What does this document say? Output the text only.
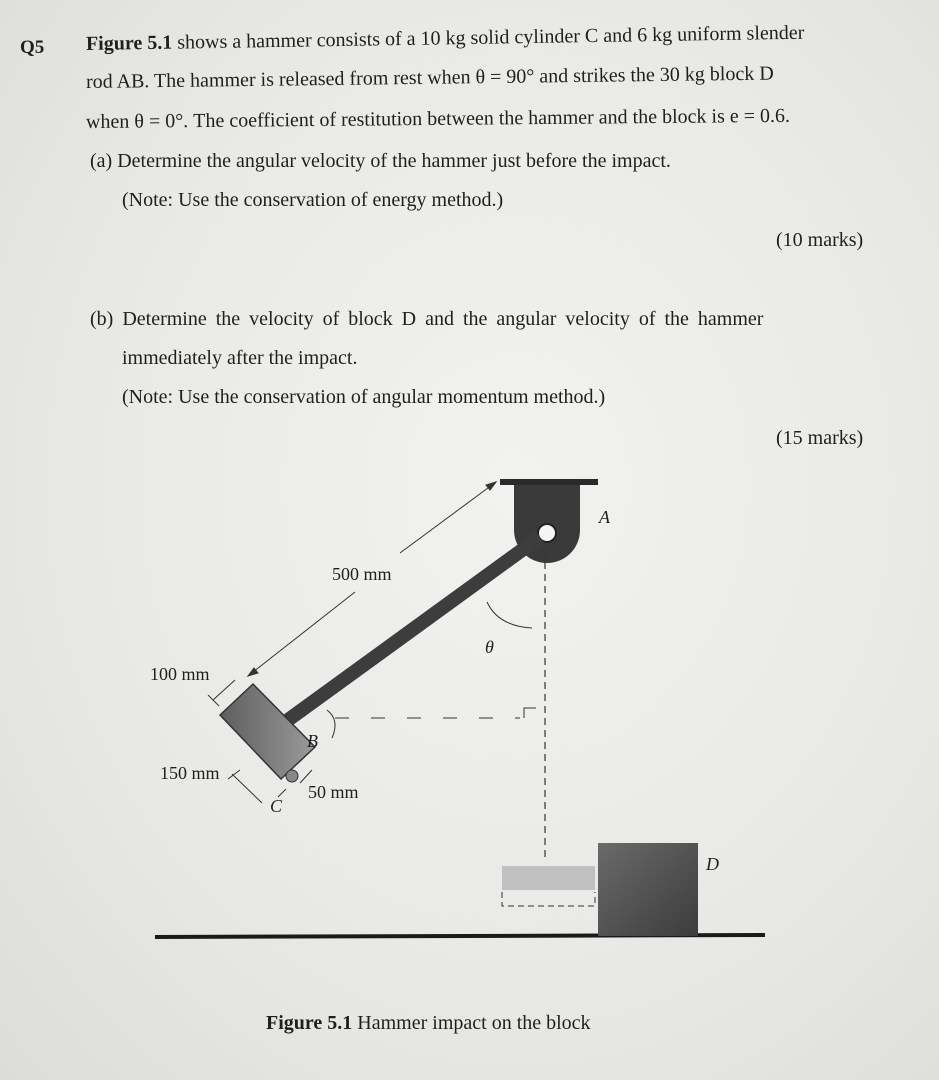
Q5 Figure 5.1 shows a hammer consists of a 10 kg solid cylinder C and 6 kg uniform slender
rod AB. The hammer is released from rest when θ = 90° and strikes the 30 kg block D
when θ = 0°. The coefficient of restitution between the hammer and the block is e = 0.6.
(a) Determine the angular velocity of the hammer just before the impact.
(Note: Use the conservation of energy method.)
(10 marks)
(b) Determine the velocity of block D and the angular velocity of the hammer
immediately after the impact.
(Note: Use the conservation of angular momentum method.)
(15 marks)
500 mm
100 mm
150 mm
50 mm
A
B
C
D
θ
Figure 5.1 Hammer impact on the block
